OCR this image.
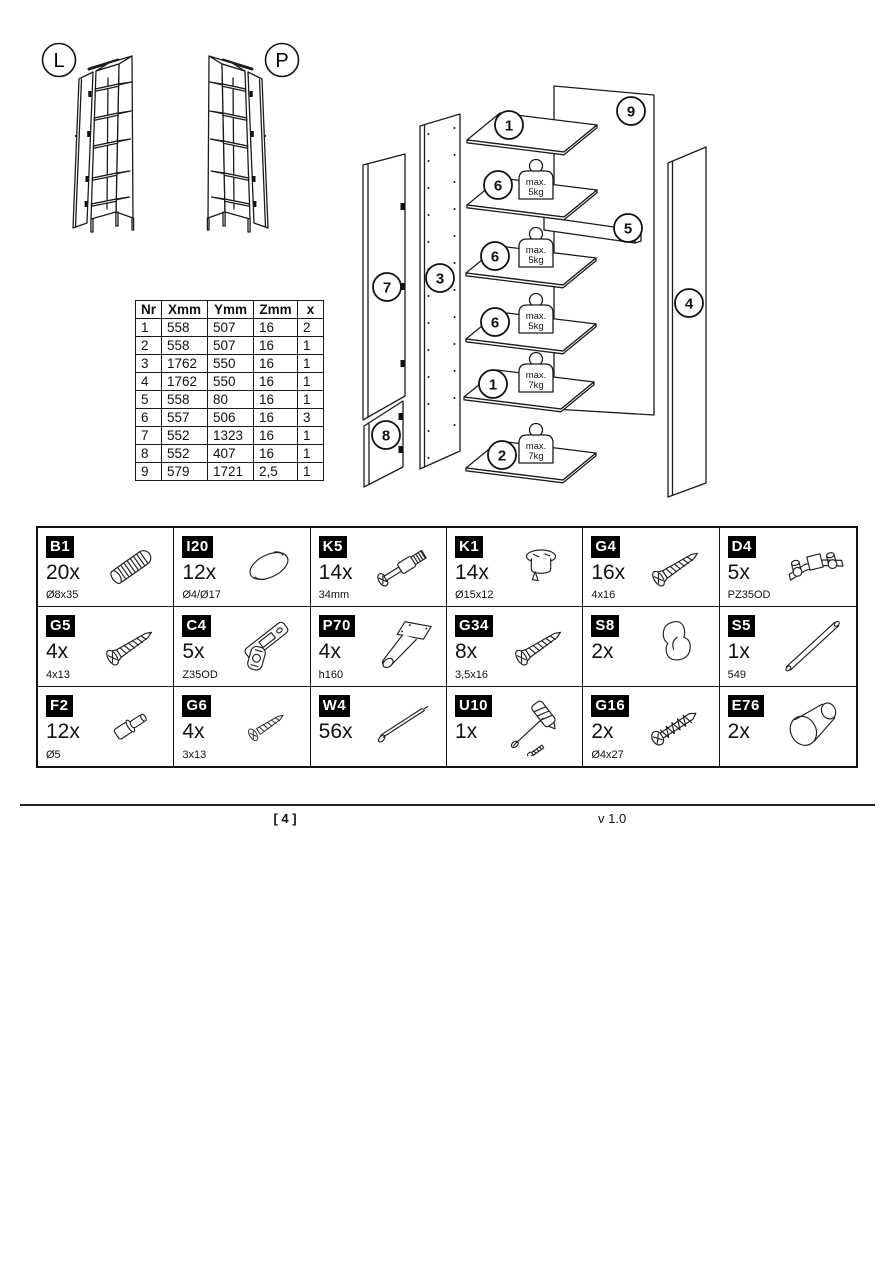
L	P
max.
5kg
max.
5kg
max.
5kg
max.
7kg
max.
7kg
1
6
5
6
6
1
2
9
7
3
8
4
Nr	Xmm	Ymm	Zmm	x
1	558	507	16	2
2	558	507	16	1
3	1762	550	16	1
4	1762	550	16	1
5	558	80	16	1
6	557	506	16	3
7	552	1323	16	1
8	552	407	16	1
9	579	1721	2,5	1
B1
20x
Ø8x35
I20
12x
Ø4/Ø17
K5
14x
34mm
K1
14x
Ø15x12
G4
16x
4x16
D4
5x
PZ35OD
G5
4x
4x13
C4
5x
Z35OD
P70
4x
h160
G34
8x
3,5x16
S8
2x
S5
1x
549
F2
12x
Ø5
G6
4x
3x13
W4
56x
U10
1x
G16
2x
Ø4x27
E76
2x
[ 4 ]	v 1.0
